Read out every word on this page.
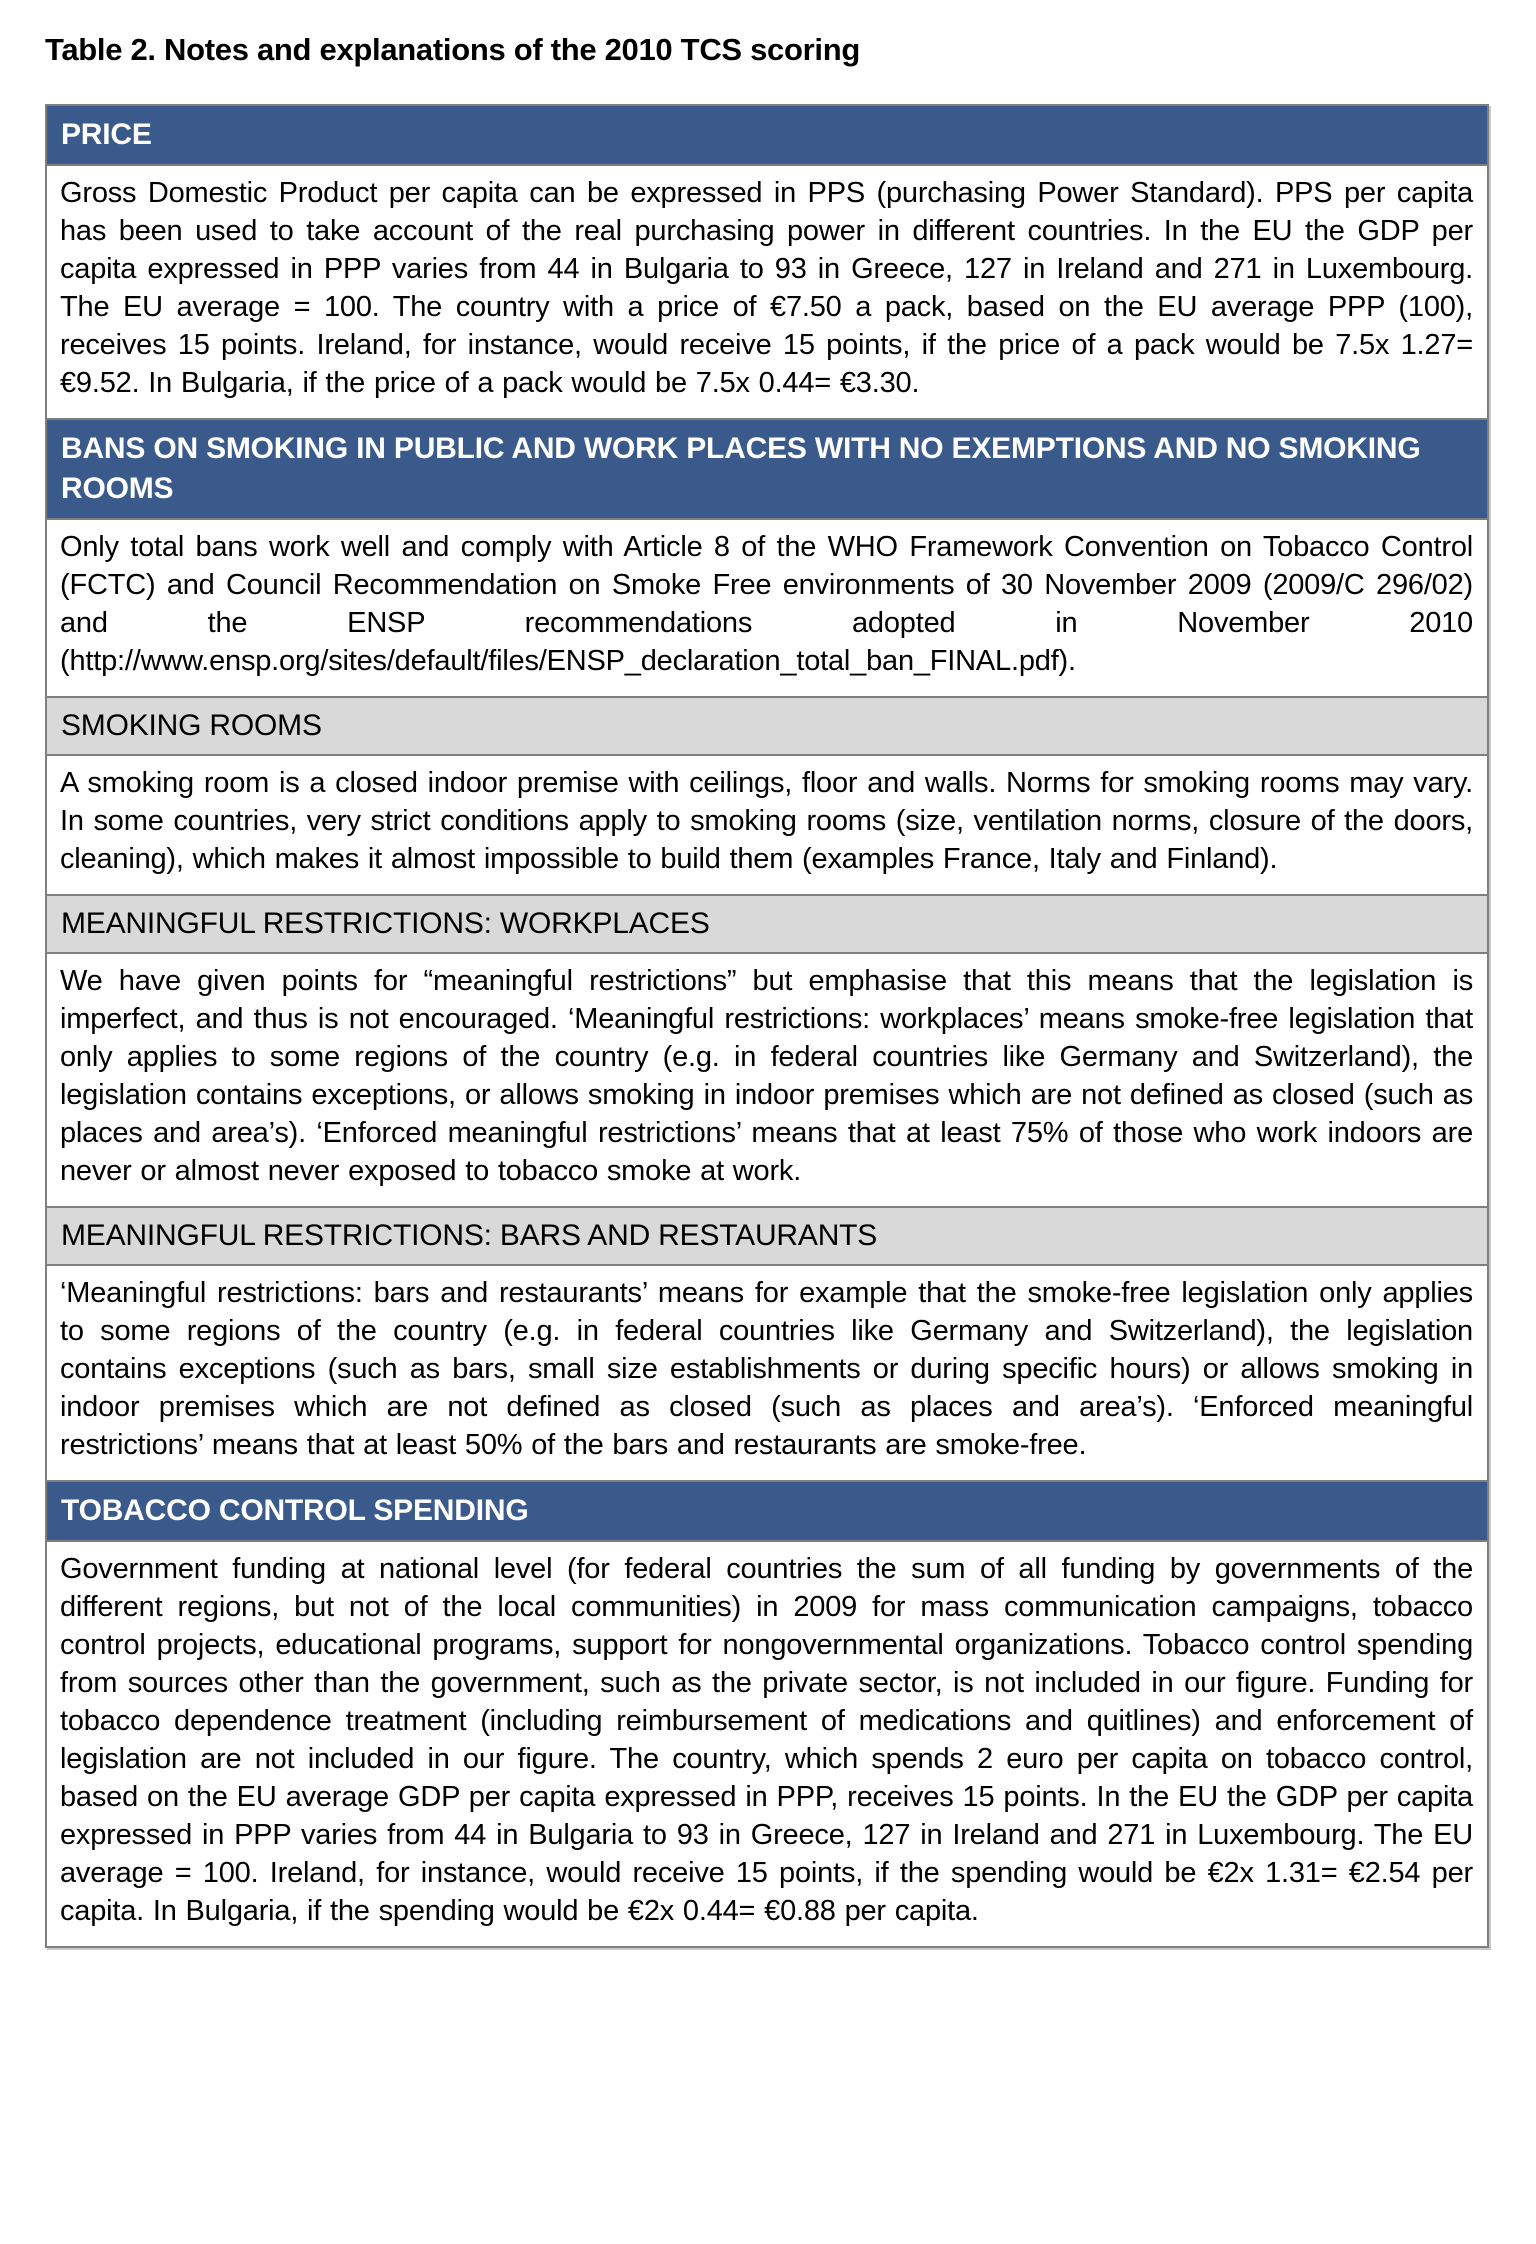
Table 2. Notes and explanations of the 2010 TCS scoring
PRICE
Gross Domestic Product per capita can be expressed in PPS (purchasing Power Standard). PPS per capita has been used to take account of the real purchasing power in different countries. In the EU the GDP per capita expressed in PPP varies from 44 in Bulgaria to 93 in Greece, 127 in Ireland and 271 in Luxembourg. The EU average = 100. The country with a price of €7.50 a pack, based on the EU average PPP (100), receives 15 points. Ireland, for instance, would receive 15 points, if the price of a pack would be 7.5x 1.27= €9.52. In Bulgaria, if the price of a pack would be 7.5x 0.44= €3.30.
BANS ON SMOKING IN PUBLIC AND WORK PLACES WITH NO EXEMPTIONS AND NO SMOKING ROOMS
Only total bans work well and comply with Article 8 of the WHO Framework Convention on Tobacco Control (FCTC) and Council Recommendation on Smoke Free environments of 30 November 2009 (2009/C 296/02) and the ENSP recommendations adopted in November 2010 (http://www.ensp.org/sites/default/files/ENSP_declaration_total_ban_FINAL.pdf).
SMOKING ROOMS
A smoking room is a closed indoor premise with ceilings, floor and walls. Norms for smoking rooms may vary. In some countries, very strict conditions apply to smoking rooms (size, ventilation norms, closure of the doors, cleaning), which makes it almost impossible to build them (examples France, Italy and Finland).
MEANINGFUL RESTRICTIONS: WORKPLACES
We have given points for “meaningful restrictions” but emphasise that this means that the legislation is imperfect, and thus is not encouraged. ‘Meaningful restrictions: workplaces’ means smoke-free legislation that only applies to some regions of the country (e.g. in federal countries like Germany and Switzerland), the legislation contains exceptions, or allows smoking in indoor premises which are not defined as closed (such as places and area’s). ‘Enforced meaningful restrictions’ means that at least 75% of those who work indoors are never or almost never exposed to tobacco smoke at work.
MEANINGFUL RESTRICTIONS: BARS AND RESTAURANTS
‘Meaningful restrictions: bars and restaurants’ means for example that the smoke-free legislation only applies to some regions of the country (e.g. in federal countries like Germany and Switzerland), the legislation contains exceptions (such as bars, small size establishments or during specific hours) or allows smoking in indoor premises which are not defined as closed (such as places and area’s). ‘Enforced meaningful restrictions’ means that at least 50% of the bars and restaurants are smoke-free.
TOBACCO CONTROL SPENDING
Government funding at national level (for federal countries the sum of all funding by governments of the different regions, but not of the local communities) in 2009 for mass communication campaigns, tobacco control projects, educational programs, support for nongovernmental organizations. Tobacco control spending from sources other than the government, such as the private sector, is not included in our figure. Funding for tobacco dependence treatment (including reimbursement of medications and quitlines) and enforcement of legislation are not included in our figure. The country, which spends 2 euro per capita on tobacco control, based on the EU average GDP per capita expressed in PPP, receives 15 points. In the EU the GDP per capita expressed in PPP varies from 44 in Bulgaria to 93 in Greece, 127 in Ireland and 271 in Luxembourg. The EU average = 100. Ireland, for instance, would receive 15 points, if the spending would be €2x 1.31= €2.54 per capita. In Bulgaria, if the spending would be €2x 0.44= €0.88 per capita.
